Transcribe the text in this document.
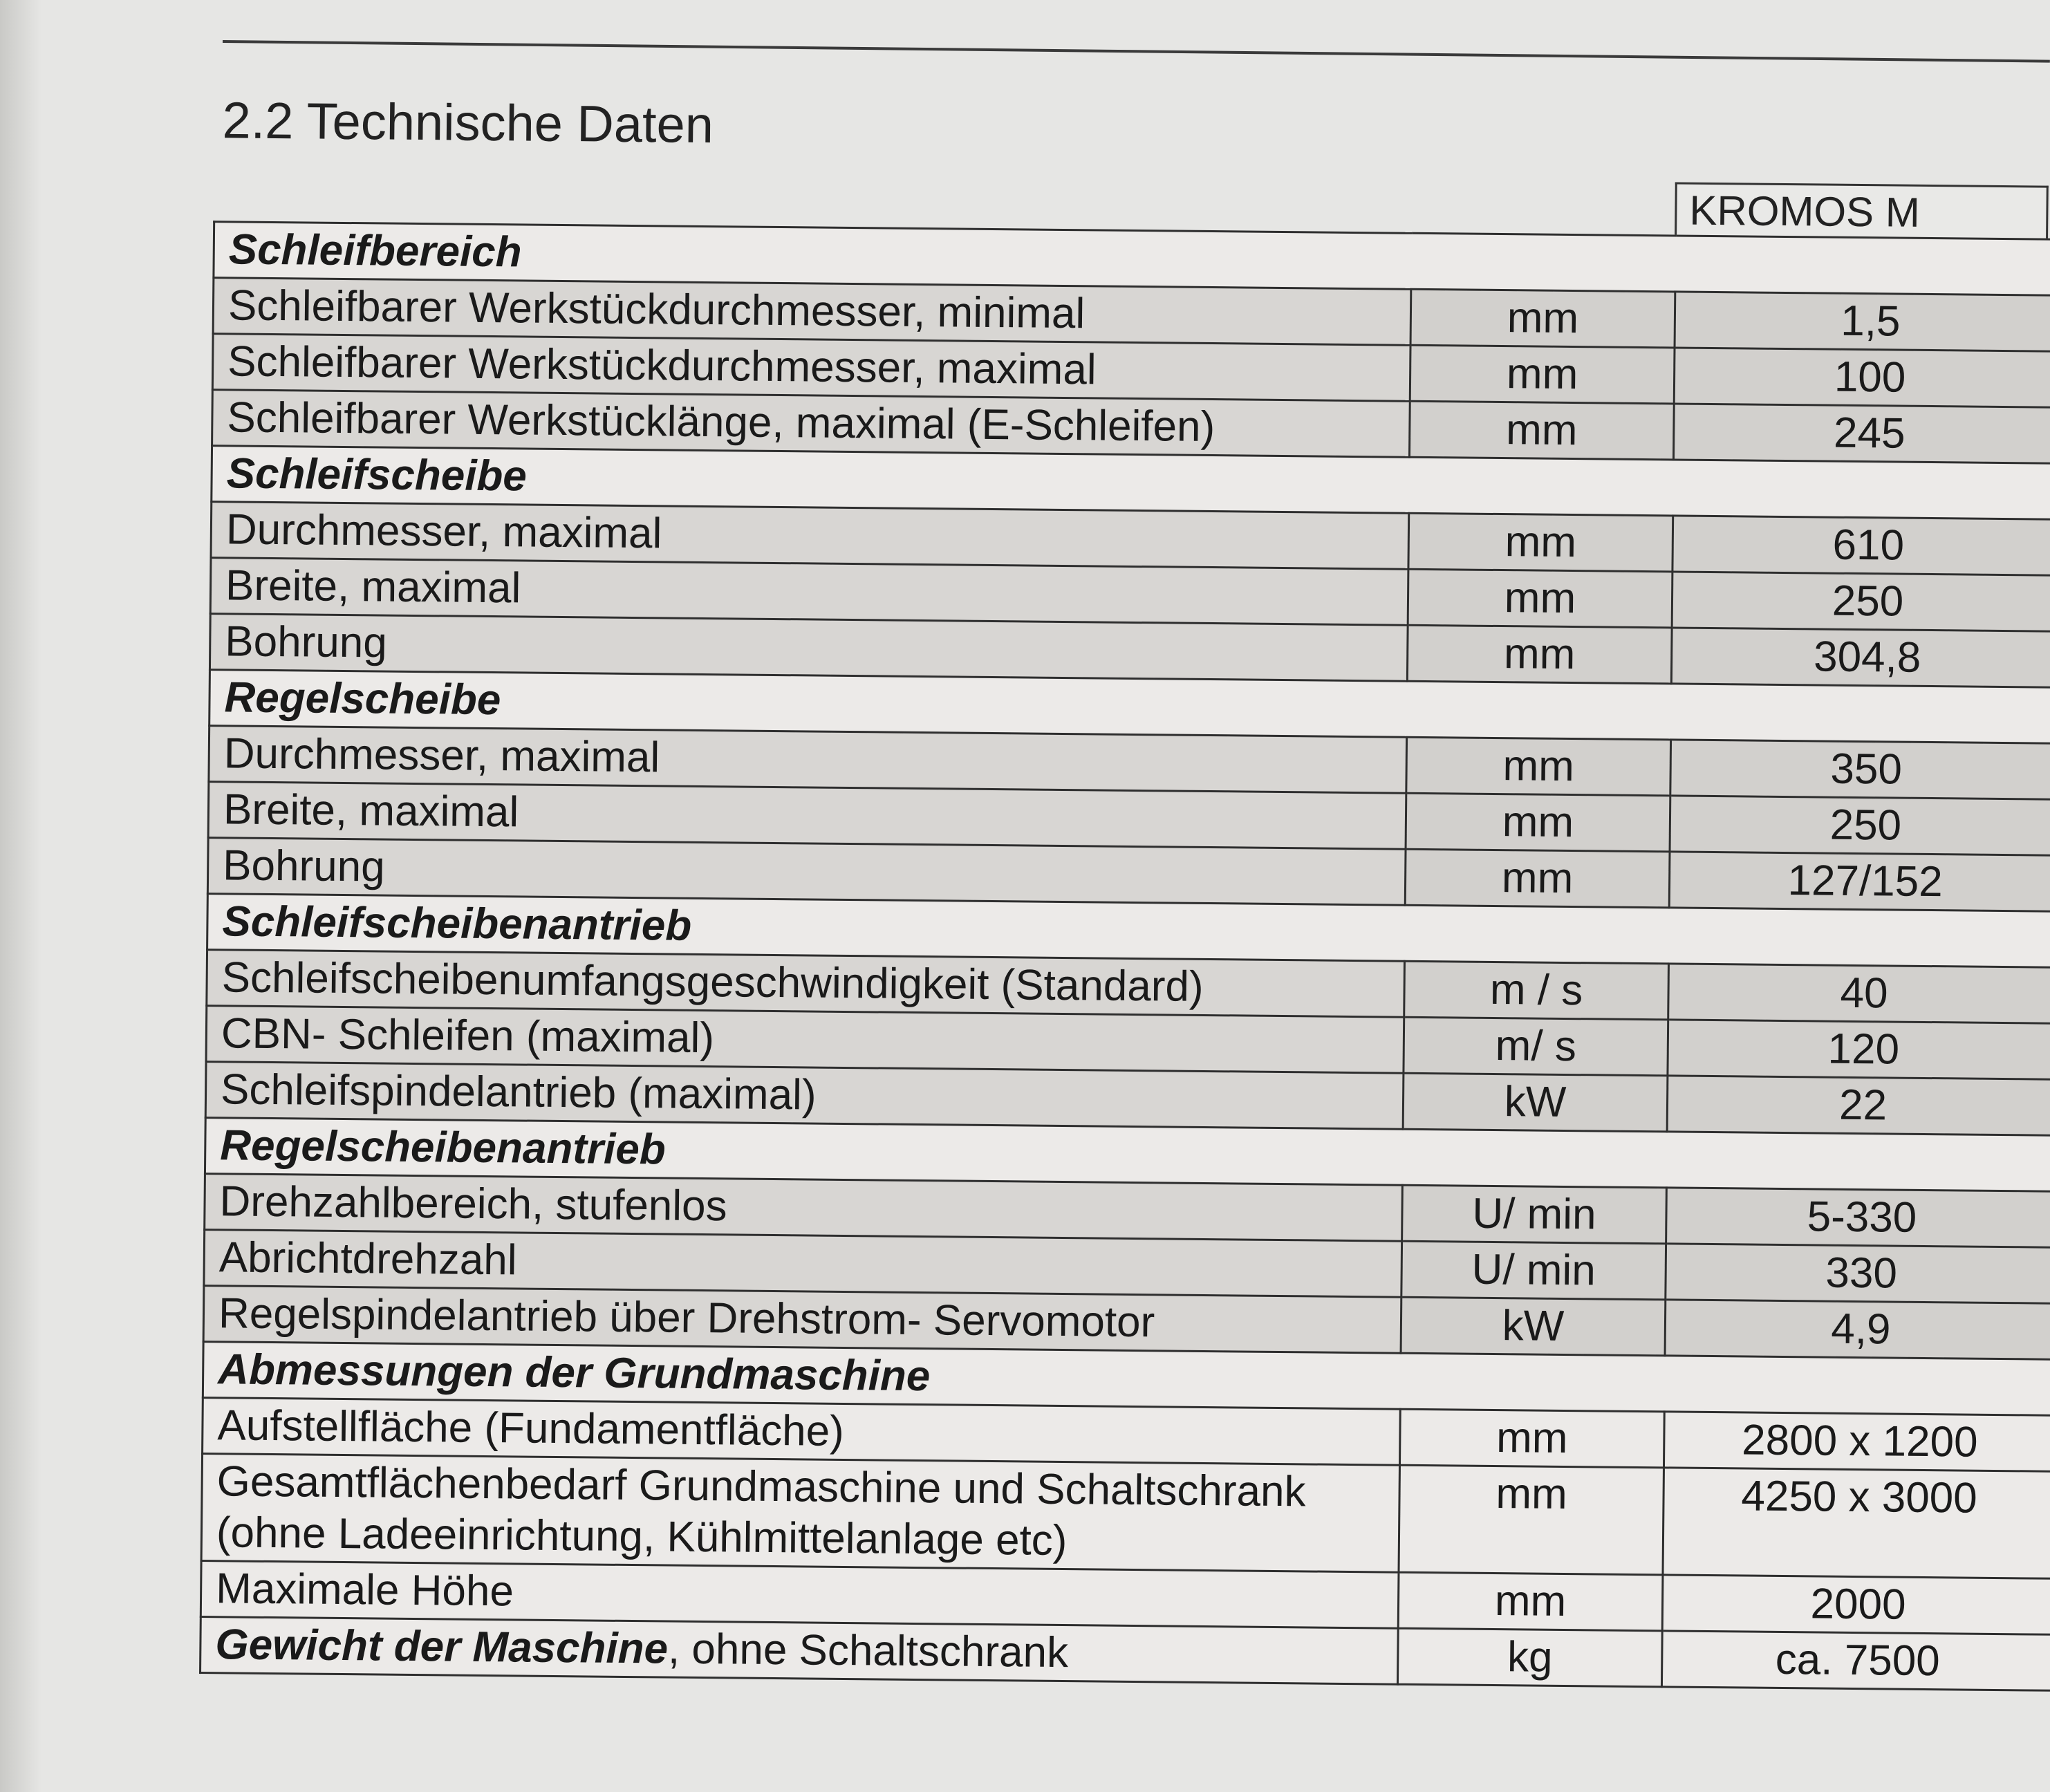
2.2 Technische Daten
KROMOS M
Schleifbereich		
Schleifbarer Werkstückdurchmesser, minimal	mm	1,5
Schleifbarer Werkstückdurchmesser, maximal	mm	100
Schleifbarer Werkstücklänge, maximal (E-Schleifen)	mm	245
Schleifscheibe		
Durchmesser, maximal	mm	610
Breite, maximal	mm	250
Bohrung	mm	304,8
Regelscheibe		
Durchmesser, maximal	mm	350
Breite, maximal	mm	250
Bohrung	mm	127/152
Schleifscheibenantrieb		
Schleifscheibenumfangsgeschwindigkeit (Standard)	m / s	40
CBN- Schleifen (maximal)	m/ s	120
Schleifspindelantrieb (maximal)	kW	22
Regelscheibenantrieb		
Drehzahlbereich, stufenlos	U/ min	5-330
Abrichtdrehzahl	U/ min	330
Regelspindelantrieb über Drehstrom- Servomotor	kW	4,9
Abmessungen der Grundmaschine		
Aufstellfläche (Fundamentfläche)	mm	2800 x 1200

Gesamtflächenbedarf Grundmaschine und Schaltschrank
(ohne Ladeeinrichtung, Kühlmittelanlage etc)	mm	4250 x 3000
Maximale Höhe	mm	2000
Gewicht der Maschine, ohne Schaltschrank	kg	ca. 7500
